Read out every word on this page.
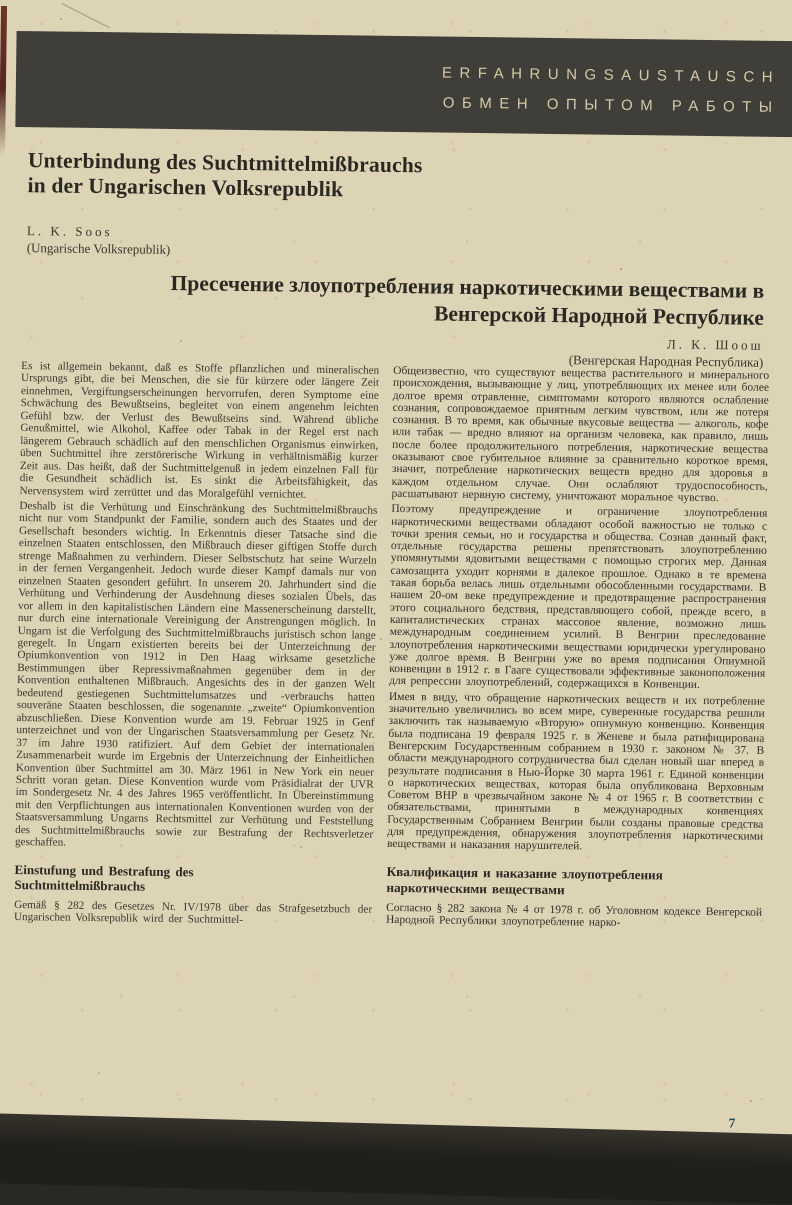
ERFAHRUNGSAUSTAUSCH
ОБМЕН ОПЫТОМ РАБОТЫ
Unterbindung des Suchtmittelmißbrauchs
in der Ungarischen Volksrepublik
L. K. Soos
(Ungarische Volksrepublik)
Пресечение злоупотребления наркотическими веществами в
Венгерской Народной Республике
Л. К. Шоош
(Венгерская Народная Республика)

Es ist allgemein bekannt, daß es Stoffe pflanzlichen und mineralischen Ursprungs gibt, die bei Menschen, die sie für kürzere oder längere Zeit einnehmen, Vergiftungserscheinungen hervorrufen, deren Symptome eine Schwächung des Bewußtseins, begleitet von einem angenehm leichten Gefühl bzw. der Verlust des Bewußtseins sind. Während übliche Genußmittel, wie Alkohol, Kaffee oder Tabak in der Regel erst nach längerem Gebrauch schädlich auf den menschlichen Organismus einwirken, üben Suchtmittel ihre zerstörerische Wirkung in verhältnismäßig kurzer Zeit aus. Das heißt, daß der Suchtmittelgenuß in jedem einzelnen Fall für die Gesundheit schädlich ist. Es sinkt die Arbeitsfähigkeit, das Nervensystem wird zerrüttet und das Moralgefühl vernichtet.

Deshalb ist die Verhütung und Einschränkung des Suchtmittelmißbrauchs nicht nur vom Standpunkt der Familie, sondern auch des Staates und der Gesellschaft besonders wichtig. In Erkenntnis dieser Tatsache sind die einzelnen Staaten entschlossen, den Mißbrauch dieser giftigen Stoffe durch strenge Maßnahmen zu verhindern. Dieser Selbstschutz hat seine Wurzeln in der fernen Vergangenheit. Jedoch wurde dieser Kampf damals nur von einzelnen Staaten gesondert geführt. In unserem 20. Jahrhundert sind die Verhütung und Verhinderung der Ausdehnung dieses sozialen Übels, das vor allem in den kapitalistischen Ländern eine Massenerscheinung darstellt, nur durch eine internationale Vereinigung der Anstrengungen möglich. In Ungarn ist die Verfolgung des Suchtmittelmißbrauchs juristisch schon lange geregelt. In Ungarn existierten bereits bei der Unterzeichnung der Opiumkonvention von 1912 in Den Haag wirksame gesetzliche Bestimmungen über Repressivmaßnahmen gegenüber dem in der Konvention enthaltenen Mißbrauch. Angesichts des in der ganzen Welt bedeutend gestiegenen Suchtmittelumsatzes und -verbrauchs hatten souveräne Staaten beschlossen, die sogenannte „zweite“ Opiumkonvention abzuschließen. Diese Konvention wurde am 19. Februar 1925 in Genf unterzeichnet und von der Ungarischen Staatsversammlung per Gesetz Nr. 37 im Jahre 1930 ratifiziert. Auf dem Gebiet der internationalen Zusammenarbeit wurde im Ergebnis der Unterzeichnung der Einheitlichen Konvention über Suchtmittel am 30. März 1961 in New York ein neuer Schritt voran getan. Diese Konvention wurde vom Präsidialrat der UVR im Sondergesetz Nr. 4 des Jahres 1965 veröffentlicht. In Übereinstimmung mit den Verpflichtungen aus internationalen Konventionen wurden von der Staatsversammlung Ungarns Rechtsmittel zur Verhütung und Feststellung des Suchtmittelmißbrauchs sowie zur Bestrafung der Rechtsverletzer geschaffen.

Einstufung und Bestrafung des Suchtmittelmißbrauchs

Gemäß § 282 des Gesetzes Nr. IV/1978 über das Strafgesetzbuch der Ungarischen Volksrepublik wird der Suchtmittel-

Общеизвестно, что существуют вещества растительного и минерального происхождения, вызывающие у лиц, употребляющих их менее или более долгое время отравление, симптомами которого являются ослабление сознания, сопровождаемое приятным легким чувством, или же потеря сознания. В то время, как обычные вкусовые вещества — алкоголь, кофе или табак — вредно влияют на организм человека, как правило, лишь после более продолжительного потребления, наркотические вещества оказывают свое губительное влияние за сравнительно короткое время, значит, потребление наркотических веществ вредно для здоровья в каждом отдельном случае. Они ослабляют трудоспособность, расшатывают нервную систему, уничтожают моральное чувство.

Поэтому предупреждение и ограничение злоупотребления наркотическими веществами обладают особой важностью не только с точки зрения семьи, но и государства и общества. Сознав данный факт, отдельные государства решены препятствовать злоупотреблению упомянутыми ядовитыми веществами с помощью строгих мер. Данная самозащита уходит корнями в далекое прошлое. Однако в те времена такая борьба велась лишь отдельными обособленными государствами. В нашем 20-ом веке предупреждение и предотвращение распространения этого социального бедствия, представляющего собой, прежде всего, в капиталистических странах массовое явление, возможно лишь международным соединением усилий. В Венгрии преследование злоупотребления наркотическими веществами юридически урегулировано уже долгое время. В Венгрии уже во время подписания Опиумной конвенции в 1912 г. в Гааге существовали эффективные законоположения для репрессии злоупотреблений, содержащихся в Конвенции.

Имея в виду, что обращение наркотических веществ и их потребление значительно увеличились во всем мире, суверенные государства решили заключить так называемую «Вторую» опиумную конвенцию. Конвенция была подписана 19 февраля 1925 г. в Женеве и была ратифицирована Венгерским Государственным собранием в 1930 г. законом № 37. В области международного сотрудничества был сделан новый шаг вперед в результате подписания в Нью-Йорке 30 марта 1961 г. Единой конвенции о наркотических веществах, которая была опубликована Верховным Советом ВНР в чрезвычайном законе № 4 от 1965 г. В соответствии с обязательствами, принятыми в международных конвенциях Государственным Собранием Венгрии были созданы правовые средства для предупреждения, обнаружения злоупотребления наркотическими веществами и наказания нарушителей.

Квалификация и наказание злоупотребления наркотическими веществами

Согласно § 282 закона № 4 от 1978 г. об Уголовном кодексе Венгерской Народной Республики злоупотребление нарко-

7
